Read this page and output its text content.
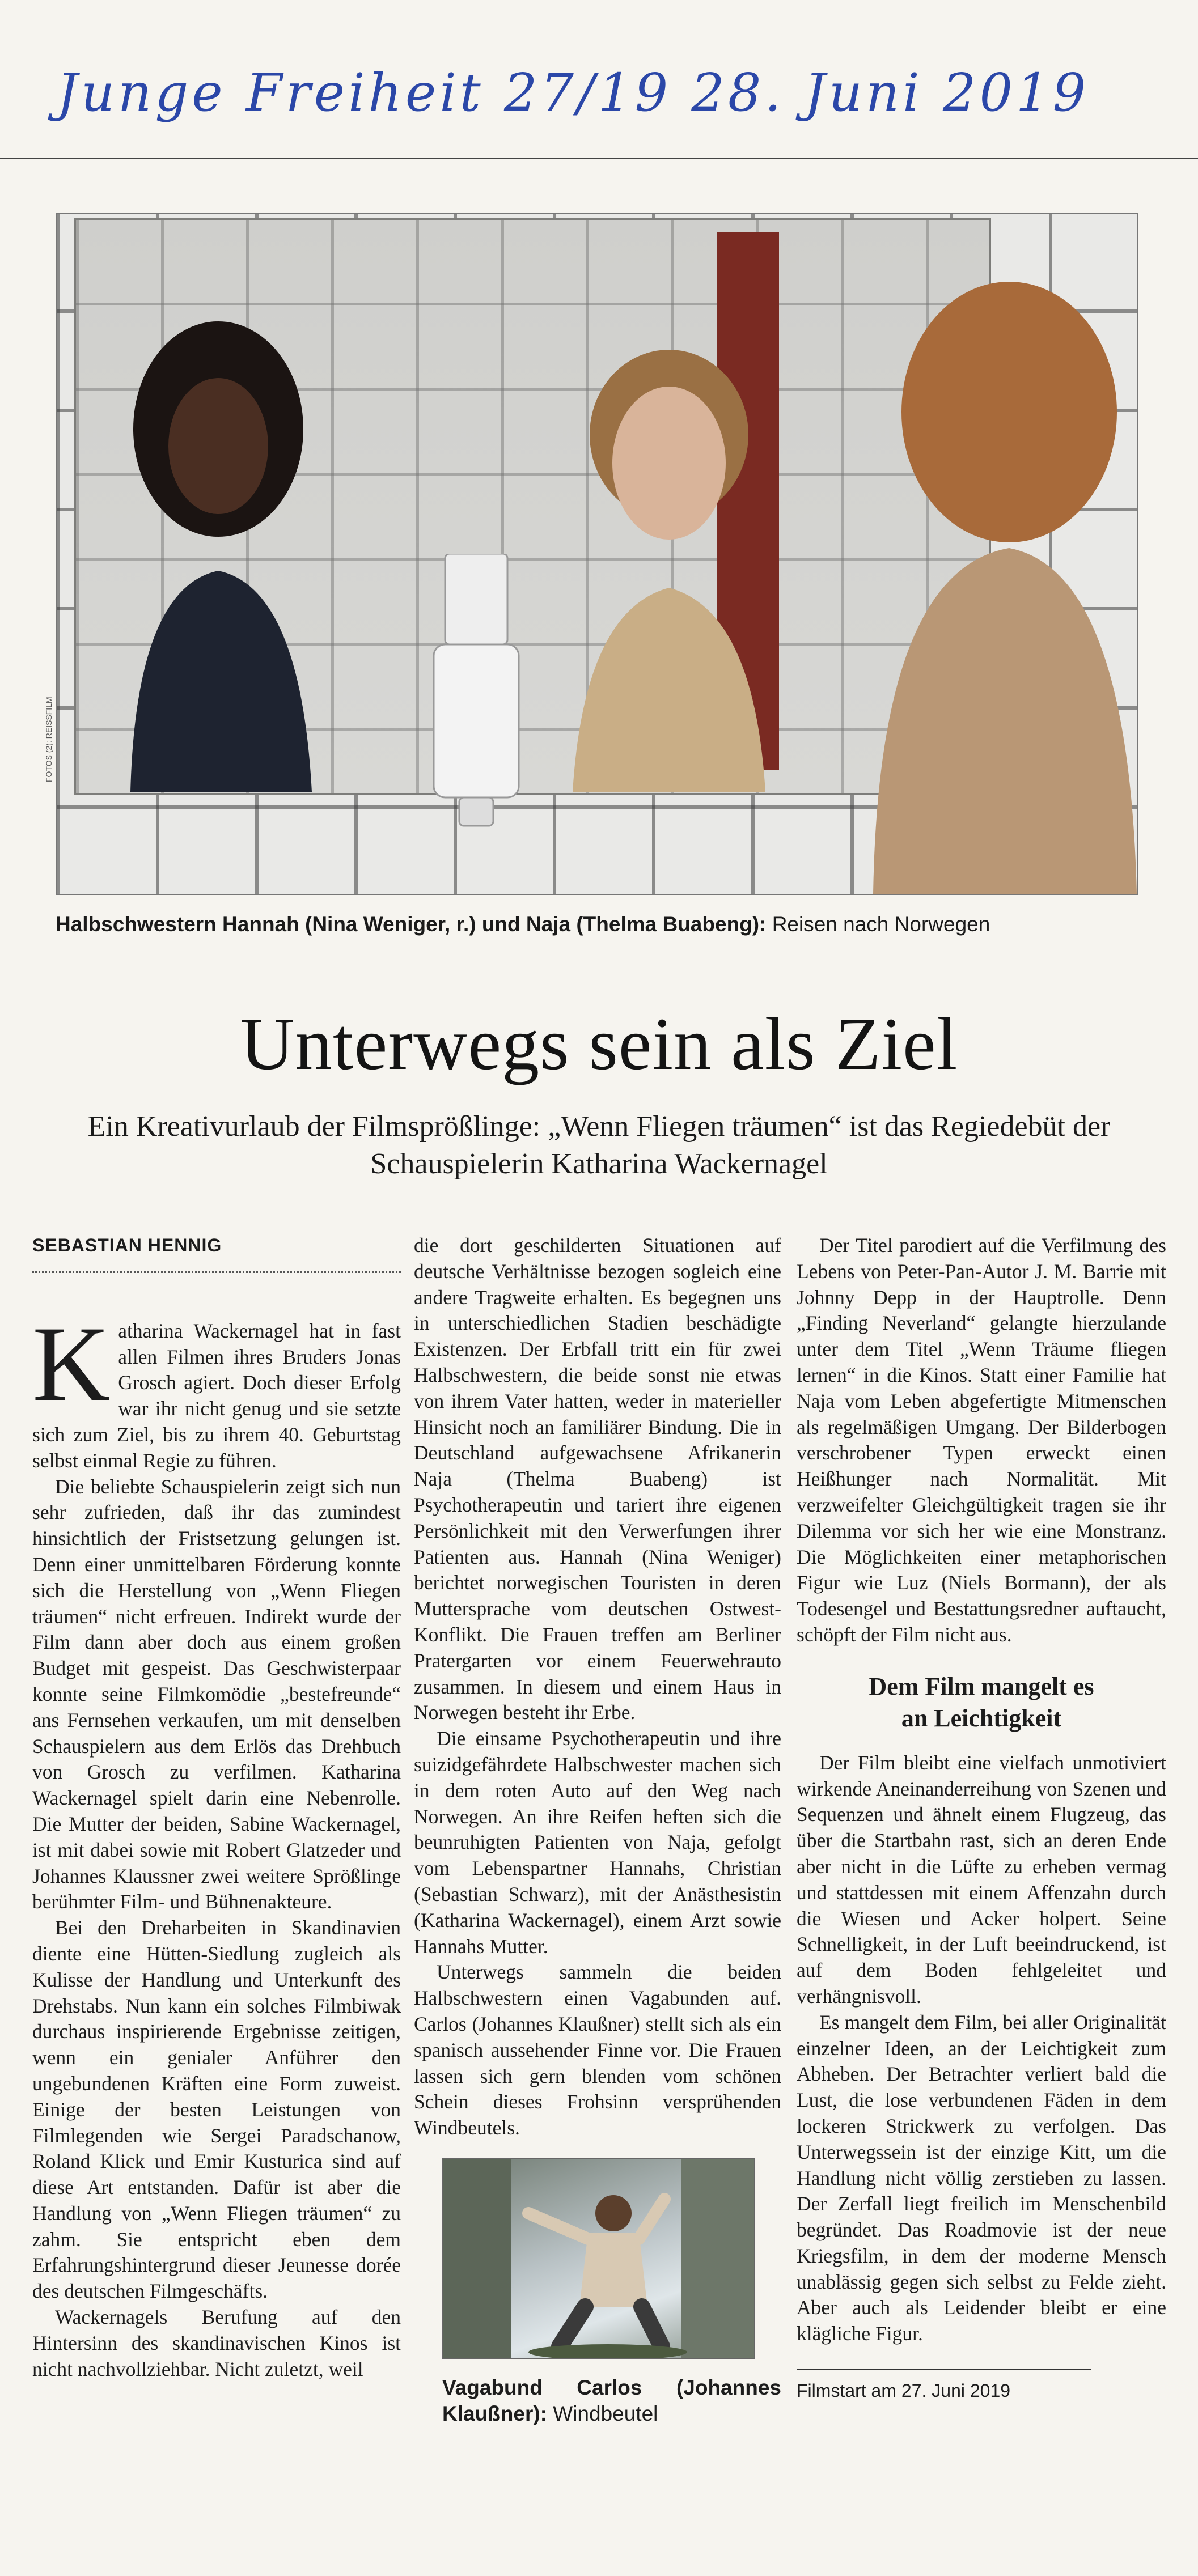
Junge Freiheit 27/19 28. Juni 2019
FOTOS (2): REISSFILM
Halbschwestern Hannah (Nina Weniger, r.) und Naja (Thelma Buabeng): Reisen nach Norwegen
Unterwegs sein als Ziel
Ein Kreativurlaub der Filmsprößlinge: „Wenn Fliegen träumen“ ist das Regiedebüt der Schauspielerin Katharina Wackernagel
SEBASTIAN HENNIG

Katharina Wackernagel hat in fast allen Filmen ihres Bruders Jonas Grosch agiert. Doch dieser Erfolg war ihr nicht genug und sie setzte sich zum Ziel, bis zu ihrem 40. Geburtstag selbst einmal Regie zu führen.

Die beliebte Schauspielerin zeigt sich nun sehr zufrieden, daß ihr das zumindest hinsichtlich der Fristsetzung gelungen ist. Denn einer unmittelbaren Förderung konnte sich die Herstellung von „Wenn Fliegen träumen“ nicht erfreuen. Indirekt wurde der Film dann aber doch aus einem großen Budget mit gespeist. Das Geschwisterpaar konnte seine Filmkomödie „bestefreunde“ ans Fernsehen verkaufen, um mit denselben Schauspielern aus dem Erlös das Drehbuch von Grosch zu verfilmen. Katharina Wackernagel spielt darin eine Nebenrolle. Die Mutter der beiden, Sabine Wackernagel, ist mit dabei sowie mit Robert Glatzeder und Johannes Klaussner zwei weitere Sprößlinge berühmter Film- und Bühnenakteure.

Bei den Dreharbeiten in Skandinavien diente eine Hütten-Siedlung zugleich als Kulisse der Handlung und Unterkunft des Drehstabs. Nun kann ein solches Filmbiwak durchaus inspirierende Ergebnisse zeitigen, wenn ein genialer Anführer den ungebundenen Kräften eine Form zuweist. Einige der besten Leistungen von Filmlegenden wie Sergei Paradschanow, Roland Klick und Emir Kusturica sind auf diese Art entstanden. Dafür ist aber die Handlung von „Wenn Fliegen träumen“ zu zahm. Sie entspricht eben dem Erfahrungshintergrund dieser Jeunesse dorée des deutschen Filmgeschäfts.

Wackernagels Berufung auf den Hintersinn des skandinavischen Kinos ist nicht nachvollziehbar. Nicht zuletzt, weil

die dort geschilderten Situationen auf deutsche Verhältnisse bezogen sogleich eine andere Tragweite erhalten. Es begegnen uns in unterschiedlichen Stadien beschädigte Existenzen. Der Erbfall tritt ein für zwei Halbschwestern, die beide sonst nie etwas von ihrem Vater hatten, weder in materieller Hinsicht noch an familiärer Bindung. Die in Deutschland aufgewachsene Afrikanerin Naja (Thelma Buabeng) ist Psychotherapeutin und tariert ihre eigenen Persönlichkeit mit den Verwerfungen ihrer Patienten aus. Hannah (Nina Weniger) berichtet norwegischen Touristen in deren Muttersprache vom deutschen Ostwest-Konflikt. Die Frauen treffen am Berliner Pratergarten vor einem Feuerwehrauto zusammen. In diesem und einem Haus in Norwegen besteht ihr Erbe.

Die einsame Psychotherapeutin und ihre suizidgefährdete Halbschwester machen sich in dem roten Auto auf den Weg nach Norwegen. An ihre Reifen heften sich die beunruhigten Patienten von Naja, gefolgt vom Lebenspartner Hannahs, Christian (Sebastian Schwarz), mit der Anästhesistin (Katharina Wackernagel), einem Arzt sowie Hannahs Mutter.

Unterwegs sammeln die beiden Halbschwestern einen Vagabunden auf. Carlos (Johannes Klaußner) stellt sich als ein spanisch aussehender Finne vor. Die Frauen lassen sich gern blenden vom schönen Schein dieses Frohsinn versprühenden Windbeutels.

Vagabund Carlos (Johannes Klaußner): Windbeutel

Der Titel parodiert auf die Verfilmung des Lebens von Peter-Pan-Autor J. M. Barrie mit Johnny Depp in der Hauptrolle. Denn „Finding Neverland“ gelangte hierzulande unter dem Titel „Wenn Träume fliegen lernen“ in die Kinos. Statt einer Familie hat Naja vom Leben abgefertigte Mitmenschen als regelmäßigen Umgang. Der Bilderbogen verschrobener Typen erweckt einen Heißhunger nach Normalität. Mit verzweifelter Gleichgültigkeit tragen sie ihr Dilemma vor sich her wie eine Monstranz. Die Möglichkeiten einer metaphorischen Figur wie Luz (Niels Bormann), der als Todesengel und Bestattungsredner auftaucht, schöpft der Film nicht aus.

Dem Film mangelt es
an Leichtigkeit

Der Film bleibt eine vielfach unmotiviert wirkende Aneinanderreihung von Szenen und Sequenzen und ähnelt einem Flugzeug, das über die Startbahn rast, sich an deren Ende aber nicht in die Lüfte zu erheben vermag und stattdessen mit einem Affenzahn durch die Wiesen und Acker holpert. Seine Schnelligkeit, in der Luft beeindruckend, ist auf dem Boden fehlgeleitet und verhängnisvoll.

Es mangelt dem Film, bei aller Originalität einzelner Ideen, an der Leichtigkeit zum Abheben. Der Betrachter verliert bald die Lust, die lose verbundenen Fäden in dem lockeren Strickwerk zu verfolgen. Das Unterwegssein ist der einzige Kitt, um die Handlung nicht völlig zerstieben zu lassen. Der Zerfall liegt freilich im Menschenbild begründet. Das Roadmovie ist der neue Kriegsfilm, in dem der moderne Mensch unablässig gegen sich selbst zu Felde zieht. Aber auch als Leidender bleibt er eine klägliche Figur.

Filmstart am 27. Juni 2019
